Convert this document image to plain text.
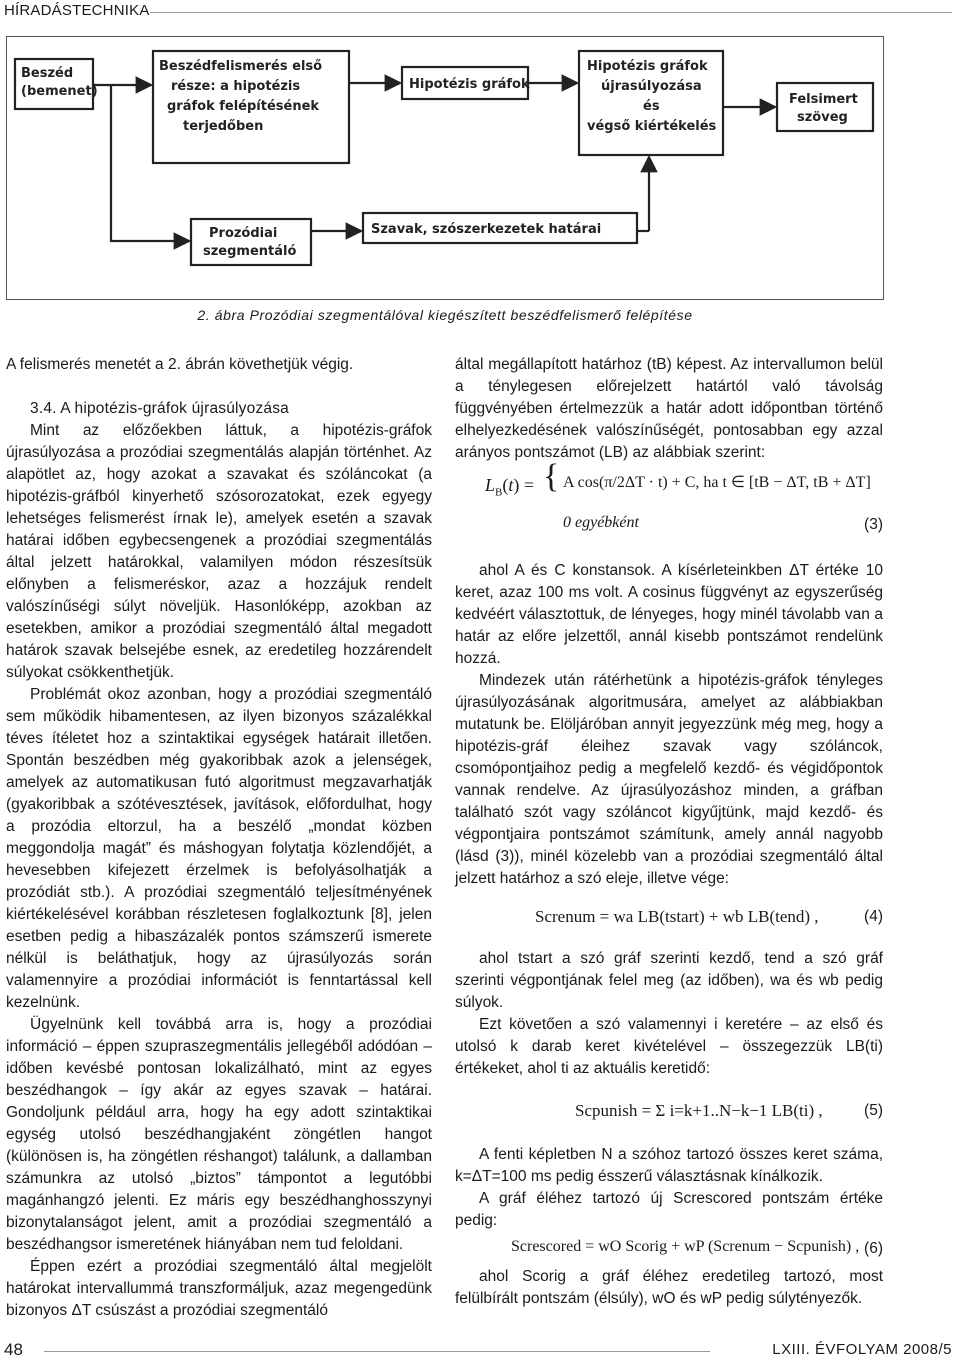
HÍRADÁSTECHNIKA
Beszéd
(bemenet)
Beszédfelismerés első
része: a hipotézis
gráfok felépítésének
terjedőben
Hipotézis gráfok
Hipotézis gráfok
újrasúlyozása
és
végső kiértékelés
Felsimert
szöveg
Prozódiai
szegmentáló
Szavak, szószerkezetek határai
2. ábra Prozódiai szegmentálóval kiegészített beszédfelismerő felépítése

A felismerés menetét a 2. ábrán követhetjük végig.

3.4. A hipotézis-gráfok újrasúlyozása

Mint az előzőekben láttuk, a hipotézis-gráfok újrasúlyozása a prozódiai szegmentálás alapján történhet. Az alapötlet az, hogy azokat a szavakat és szóláncokat (a hipotézis-gráfból kinyerhető szósorozatokat, ezek egyegy lehetséges felismerést írnak le), amelyek esetén a szavak határai időben egybecsengenek a prozódiai szegmentálás által jelzett határokkal, valamilyen módon részesítsük előnyben a felismeréskor, azaz a hozzájuk rendelt valószínűségi súlyt növeljük. Hasonlóképp, azokban az esetekben, amikor a prozódiai szegmentáló által megadott határok szavak belsejébe esnek, az eredetileg hozzárendelt súlyokat csökkenthetjük.

Problémát okoz azonban, hogy a prozódiai szegmentáló sem működik hibamentesen, az ilyen bizonyos százalékkal téves ítéletet hoz a szintaktikai egységek határait illetően. Spontán beszédben még gyakoribbak azok a jelenségek, amelyek az automatikusan futó algoritmust megzavarhatják (gyakoribbak a szótévesztések, javítások, előfordulhat, hogy a prozódia eltorzul, ha a beszélő „mondat közben meggondolja magát” és máshogyan folytatja közlendőjét, a hevesebben kifejezett érzelmek is befolyásolhatják a prozódiát stb.). A prozódiai szegmentáló teljesítményének kiértékelésével korábban részletesen foglalkoztunk [8], jelen esetben pedig a hibaszázalék pontos számszerű ismerete nélkül is beláthatjuk, hogy az újrasúlyozás során valamennyire a prozódiai információt is fenntartással kell kezelnünk.

Ügyelnünk kell továbbá arra is, hogy a prozódiai információ – éppen szupraszegmentális jellegéből adódóan – időben kevésbé pontosan lokalizálható, mint az egyes beszédhangok – így akár az egyes szavak – határai. Gondoljunk például arra, hogy ha egy adott szintaktikai egység utolsó beszédhangjaként zöngétlen hangot (különösen is, ha zöngétlen réshangot) találunk, a dallamban számunkra az utolsó „biztos” támpontot a legutóbbi magánhangzó jelenti. Ez máris egy beszédhanghosszynyi bizonytalanságot jelent, amit a prozódiai szegmentáló a beszédhangsor ismeretének hiányában nem tud feloldani.

Éppen ezért a prozódiai szegmentáló által megjelölt határokat intervallummá transzformáljuk, azaz megengedünk bizonyos ΔT csúszást a prozódiai szegmentáló

által megállapított határhoz (tB) képest. Az intervallumon belül a ténylegesen előrejelzett határtól való távolság függvényében értelmezzük a határ adott időpontban történő elhelyezkedésének valószínűségét, pontosabban egy azzal arányos pontszámot (LB) az alábbiak szerint:

$L_B(t)$ = { A cos(π/2ΔT · t) + C, ha t ∈ [tB − ΔT, tB + ΔT]
0 egyébként	(3)

ahol A és C konstansok. A kísérleteinkben ΔT értéke 10 keret, azaz 100 ms volt. A cosinus függvényt az egyszerűség kedvéért választottuk, de lényeges, hogy minél távolabb van a határ az előre jelzettől, annál kisebb pontszámot rendelünk hozzá.

Mindezek után rátérhetünk a hipotézis-gráfok tényleges újrasúlyozásának algoritmusára, amelyet az alábbiakban mutatunk be. Elöljáróban annyit jegyezzünk még meg, hogy a hipotézis-gráf éleihez szavak vagy szóláncok, csomópontjaihoz pedig a megfelelő kezdő- és végidőpontok vannak rendelve. Az újrasúlyozáshoz minden, a gráfban található szót vagy szóláncot kigyűjtünk, majd kezdő- és végpontjaira pontszámot számítunk, amely annál nagyobb (lásd (3)), minél közelebb van a prozódiai szegmentáló által jelzett határhoz a szó eleje, illetve vége:

Screnum = wa LB(tstart) + wb LB(tend) ,	(4)

ahol tstart a szó gráf szerinti kezdő, tend a szó gráf szerinti végpontjának felel meg (az időben), wa és wb pedig súlyok.

Ezt követően a szó valamennyi i keretére – az első és utolsó k darab keret kivételével – összegezzük LB(ti) értékeket, ahol ti az aktuális keretidő:

Scpunish = Σ i=k+1..N−k−1 LB(ti) ,	(5)

A fenti képletben N a szóhoz tartozó összes keret száma, k=ΔT=100 ms pedig ésszerű választásnak kínálkozik.

A gráf éléhez tartozó új Screscored pontszám értéke pedig:

Screscored = wO Scorig + wP (Screnum − Scpunish) , (6)

ahol Scorig a gráf éléhez eredetileg tartozó, most felülbírált pontszám (élsúly), wO és wP pedig súlytényezők.

48	LXIII. ÉVFOLYAM 2008/5
